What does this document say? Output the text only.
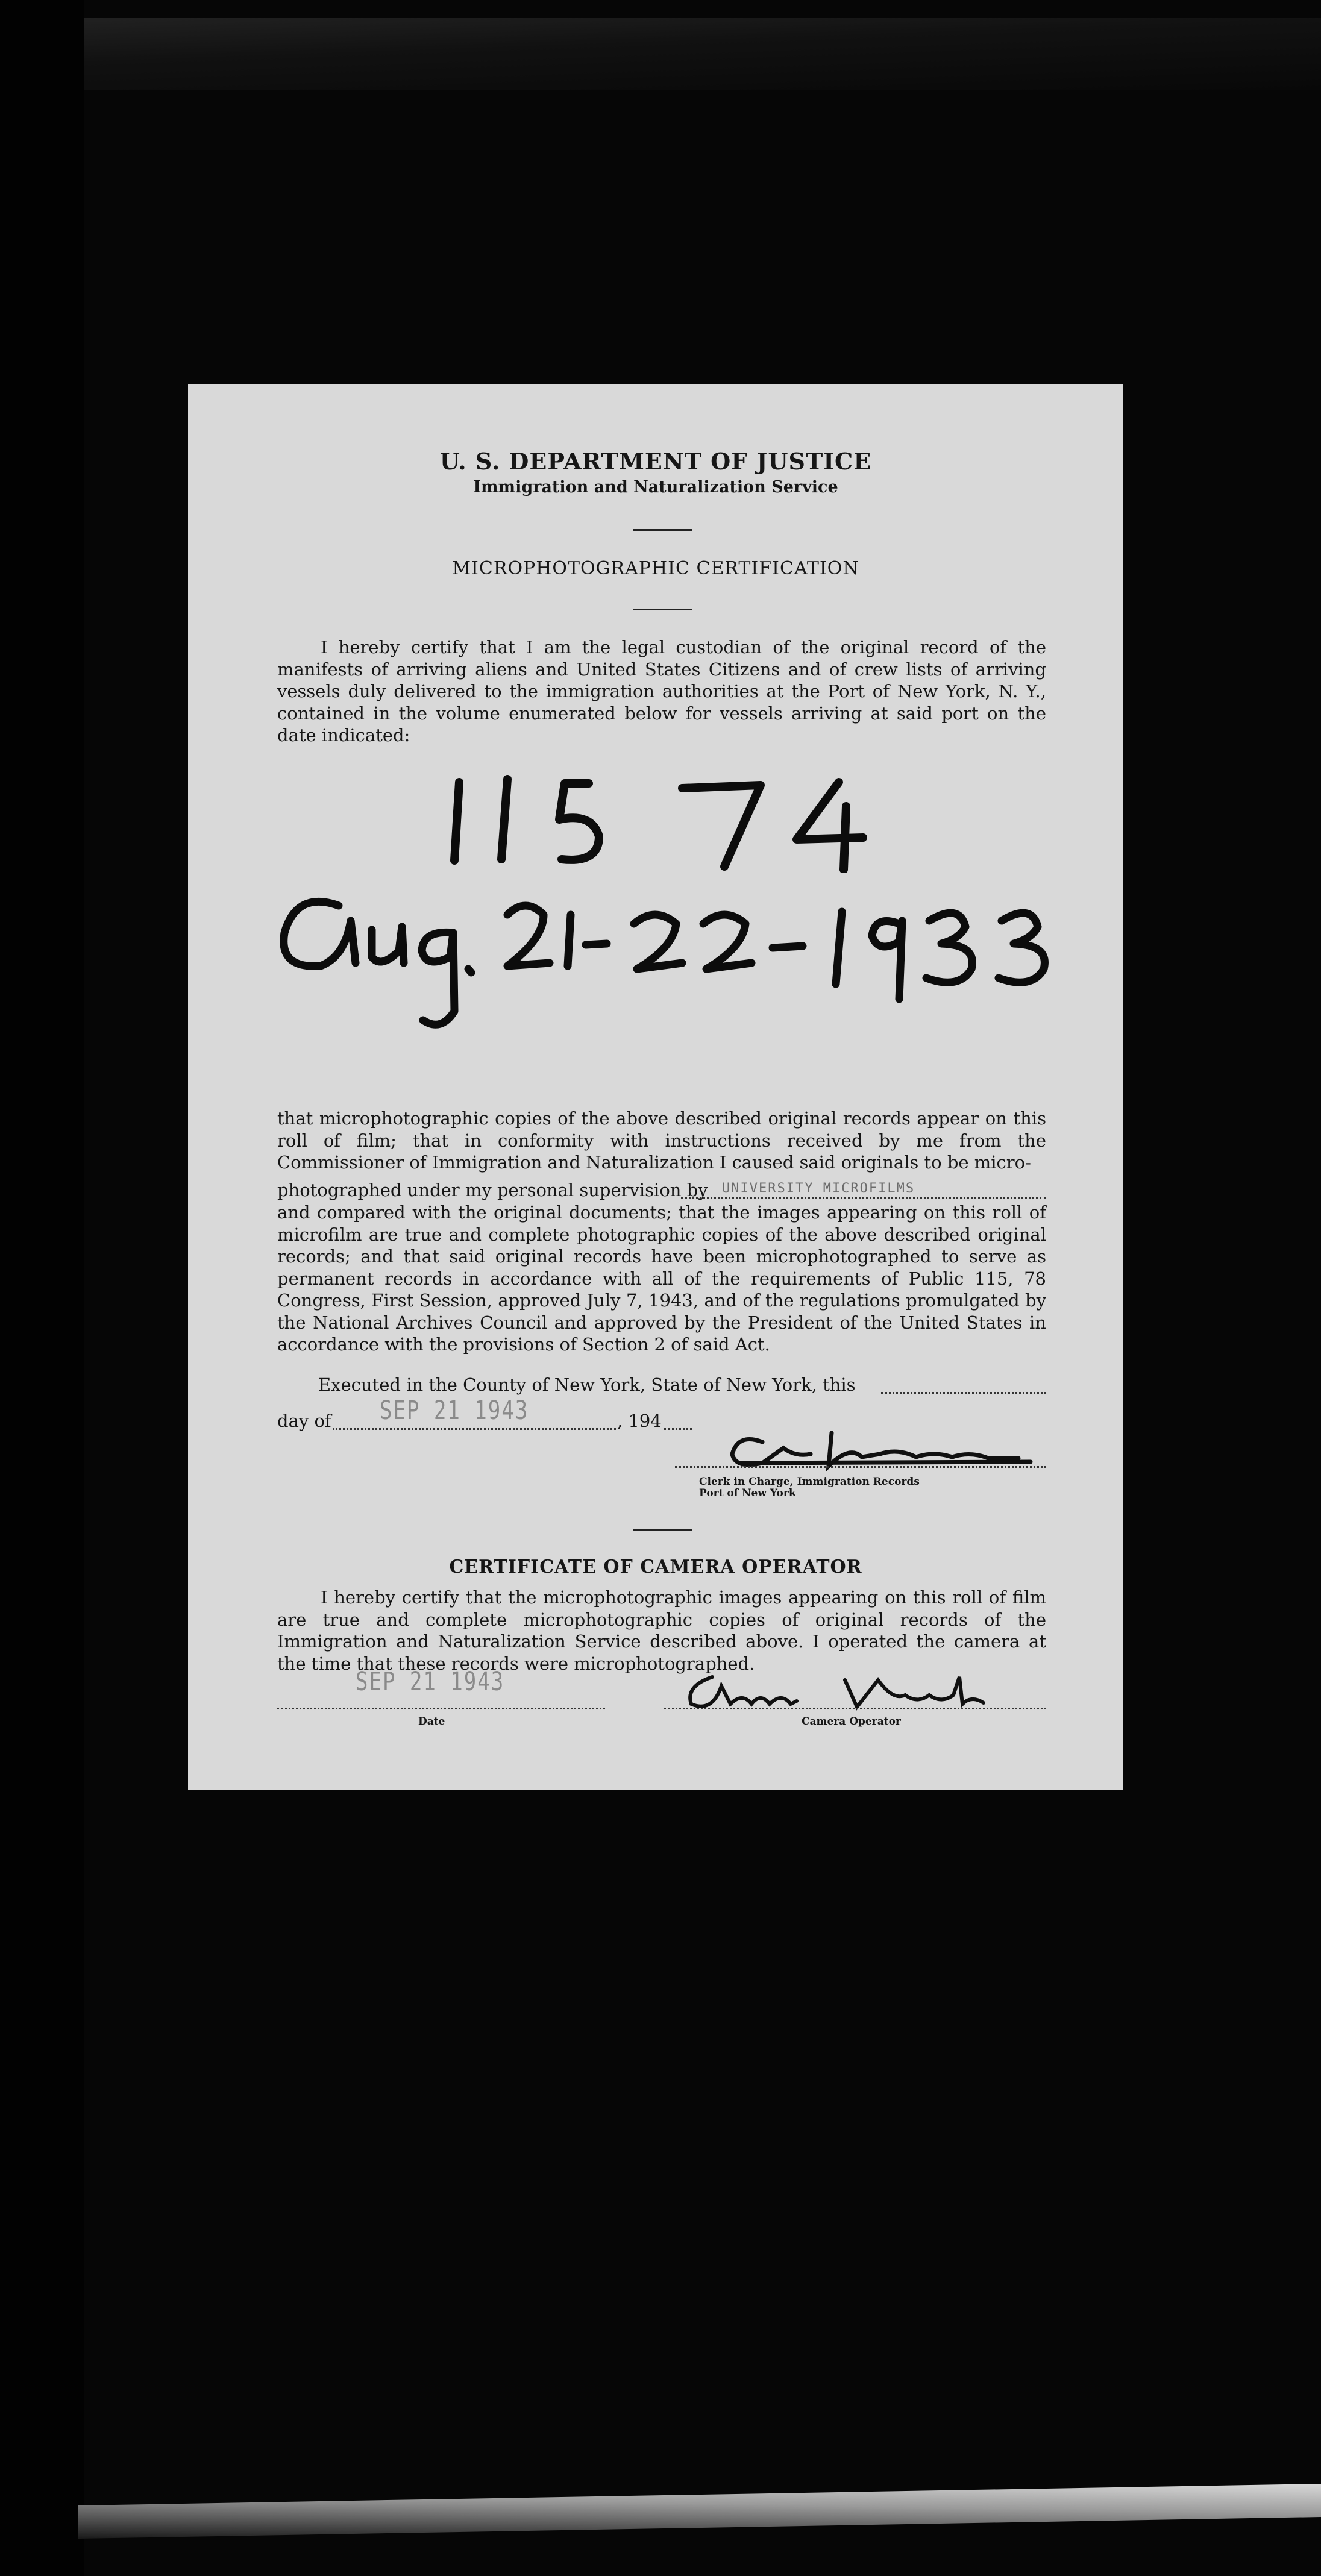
U. S. DEPARTMENT OF JUSTICE
Immigration and Naturalization Service
MICROPHOTOGRAPHIC CERTIFICATION

I hereby certify that I am the legal custodian of the original record of the manifests of arriving aliens and United States Citizens and of crew lists of arriving vessels duly delivered to the immigration authorities at the Port of New York, N. Y., contained in the volume enumerated below for vessels arriving at said port on the date indicated:

that microphotographic copies of the above described original records appear on this roll of film; that in conformity with instructions received by me from the Commissioner of Immigration and Naturalization I caused said originals to be micro-

photographed under my personal supervision by UNIVERSITY MICROFILMS

and compared with the original documents; that the images appearing on this roll of microfilm are true and complete photographic copies of the above described original records; and that said original records have been microphotographed to serve as permanent records in accordance with all of the requirements of Public 115, 78 Congress, First Session, approved July 7, 1943, and of the regulations promulgated by the National Archives Council and approved by the President of the United States in accordance with the provisions of Section 2 of said Act.

Executed in the County of New York, State of New York, this
day of SEP 21 1943	, 194
Clerk in Charge, Immigration Records
Port of New York
CERTIFICATE OF CAMERA OPERATOR

I hereby certify that the microphotographic images appearing on this roll of film are true and complete microphotographic copies of original records of the Immigration and Naturalization Service described above. I operated the camera at the time that these records were microphotographed.

SEP 21 1943
Date	Camera Operator
